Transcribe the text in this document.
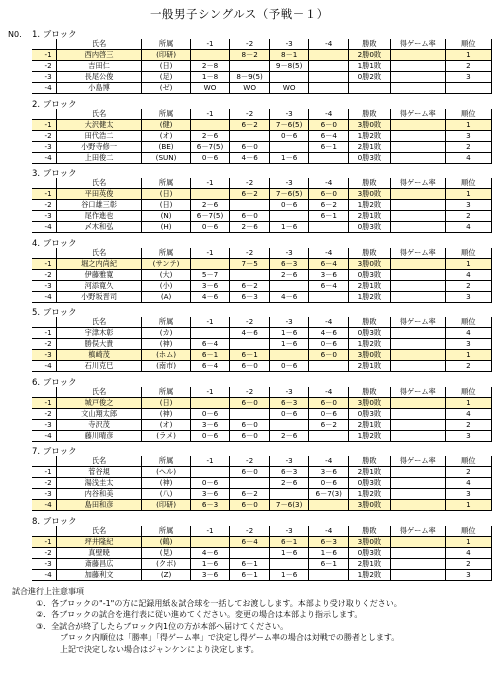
一般男子シングルス（予戦－１）
N0. 1. ブロック
	氏名	所属	-1	-2	-3	-4	勝敗	得ゲーム率	順位
-1	西内啓三	(印研)		8－2	8－1		2勝0敗		1
-2	吉田仁	(日)	2－8		9－8(5)		1勝1敗		2
-3	長尾公俊	(足)	1－8	8－9(5)			0勝2敗		3
-4	小島博	(ゼ)	WO	WO	WO				
2. ブロック
	氏名	所属	-1	-2	-3	-4	勝敗	得ゲーム率	順位
-1	大沢健太	(健)		6－2	7－6(5)	6－0	3勝0敗		1
-2	田代浩二	(オ)	2－6		0－6	6－4	1勝2敗		3
-3	小野寺修一	(BE)	6－7(5)	6－0		6－1	2勝1敗		2
-4	上田俊二	(SUN)	0－6	4－6	1－6		0勝3敗		4
3. ブロック
	氏名	所属	-1	-2	-3	-4	勝敗	得ゲーム率	順位
-1	平田英俊	(日)		6－2	7－6(5)	6－0	3勝0敗		1
-2	谷口雄三彰	(日)	2－6		0－6	6－2	1勝2敗		3
-3	尾作進也	(N)	6－7(5)	6－0		6－1	2勝1敗		2
-4	〆木和弘	(H)	0－6	2－6	1－6		0勝3敗		4
4. ブロック
	氏名	所属	-1	-2	-3	-4	勝敗	得ゲーム率	順位
-1	堀之内尚紀	(サンテ)		7－5	6－3	6－4	3勝0敗		1
-2	伊藤雅寛	(大)	5－7		2－6	3－6	0勝3敗		4
-3	河添寛久	(小)	3－6	6－2		6－4	2勝1敗		2
-4	小野坂晋司	(A)	4－6	6－3	4－6		1勝2敗		3
5. ブロック
	氏名	所属	-1	-2	-3	-4	勝敗	得ゲーム率	順位
-1	宇津木彰	(カ)		4－6	1－6	4－6	0勝3敗		4
-2	勝俣大貴	(神)	6－4		1－6	0－6	1勝2敗		3
-3	槙崎茂	(ホム)	6－1	6－1		6－0	3勝0敗		1
-4	石川克巳	(南市)	6－4	6－0	0－6		2勝1敗		2
6. ブロック
	氏名	所属	-1	-2	-3	-4	勝敗	得ゲーム率	順位
-1	城戸俊之	(日)		6－0	6－3	6－0	3勝0敗		1
-2	文山翔太郎	(神)	0－6		0－6	0－6	0勝3敗		4
-3	寺沢茂	(オ)	3－6	6－0		6－2	2勝1敗		2
-4	藤川晴彦	(ラメ)	0－6	6－0	2－6		1勝2敗		3
7. ブロック
	氏名	所属	-1	-2	-3	-4	勝敗	得ゲーム率	順位
-1	菅谷規	(ヘル)		6－0	6－3	3－6	2勝1敗		2
-2	湯浅圭太	(神)	0－6		2－6	0－6	0勝3敗		4
-3	内谷和美	(八)	3－6	6－2		6－7(3)	1勝2敗		3
-4	島田和彦	(印研)	6－3	6－0	7－6(3)		3勝0敗		1
8. ブロック
	氏名	所属	-1	-2	-3	-4	勝敗	得ゲーム率	順位
-1	坪井隆紀	(鶴)		6－4	6－1	6－3	3勝0敗		1
-2	真壁暁	(見)	4－6		1－6	1－6	0勝3敗		4
-3	斎藤昌広	(クボ)	1－6	6－1		6－1	2勝1敗		2
-4	加藤利文	(Z)	3－6	6－1	1－6		1勝2敗		3
試合進行上注意事項
①．各ブロックの"-1"の方に記録用紙＆試合球を一括してお渡しします。本部より受け取りください。
②．各ブロックの試合を進行表に従い進めてください。変更の場合は本部より指示します。
③．全試合が終了したらブロック内1位の方が本部へ届けてください。
ブロック内順位は「勝率」「得ゲーム率」で決定し得ゲーム率の場合は対戦での勝者とします。
上記で決定しない場合はジャンケンにより決定します。
